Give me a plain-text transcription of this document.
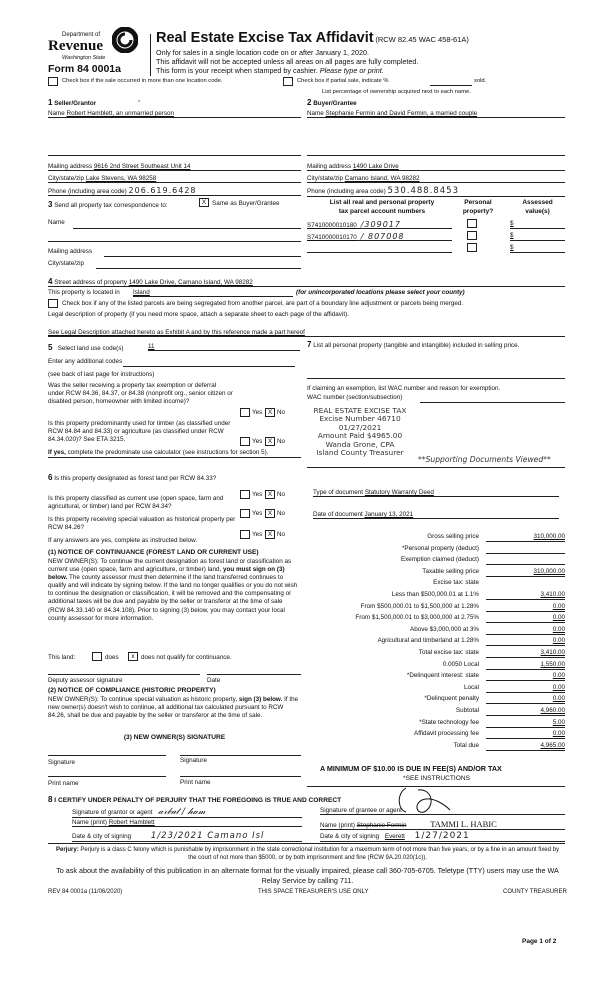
Department of
Revenue
Washington State
Form 84 0001a
Real Estate Excise Tax Affidavit (RCW 82.45 WAC 458-61A)
Only for sales in a single location code on or after January 1, 2020.
This affidavit will not be accepted unless all areas on all pages are fully completed.
This form is your receipt when stamped by cashier. Please type or print.
Check box if the sale occurred in more than one location code.	Check box if partial sale, indicate %	sold.
List percentage of ownership acquired next to each name.
1 Seller/Grantor	”
Name Robert Hamblett, an unmarried person
Mailing address 9616 2nd Street Southeast Unit 14
City/state/zip Lake Stevens, WA 98258
Phone (including area code) 206.619.6428
2 Buyer/Grantee
Name Stephanie Fermin and David Fermin, a married couple
Mailing address 1490 Lake Drive
City/state/zip Camano Island, WA 98282
Phone (including area code) 530.488.8453
3 Send all property tax correspondence to:	X Same as Buyer/Grantee
Name
Mailing address
City/state/zip
List all real and personal property
tax parcel account numbers
Personal
property?
Assessed
value(s)
S7410000010180 /309017	$
S7410000010170 / 807008	$
$
4 Street address of property 1490 Lake Drive, Camano Island, WA 98282
This property is located in Island	(for unincorporated locations please select your county)
Check box if any of the listed parcels are being segregated from another parcel, are part of a boundary line adjustment or parcels being merged.
Legal description of property (if you need more space, attach a separate sheet to each page of the affidavit).
See Legal Description attached hereto as Exhibit A and by this reference made a part hereof
5 Select land use code(s)	11
Enter any additional codes
(see back of last page for instructions)
Was the seller receiving a property tax exemption or deferral under RCW 84.36, 84.37, or 84.38 (nonprofit org., senior citizen or disabled person, homeowner with limited income)?
Yes X No
Is this property predominantly used for timber (as classified under RCW 84.84 and 84.33) or agriculture (as classified under RCW 84.34.020)? See ETA 3215.	Yes X No
If yes, complete the predominate use calculator (see instructions for section 5).
6 Is this property designated as forest land per RCW 84.33?
Yes X No
Yes X No
Yes X No
Is this property classified as current use (open space, farm and agricultural, or timber) land per RCW 84.34?
Is this property receiving special valuation as historical property per RCW 84.26?
If any answers are yes, complete as instructed below.
(1) NOTICE OF CONTINUANCE (FOREST LAND OR CURRENT USE)
NEW OWNER(S): To continue the current designation as forest land or classification as current use (open space, farm and agriculture, or timber) land, you must sign on (3) below. The county assessor must then determine if the land transferred continues to qualify and will indicate by signing below. If the land no longer qualifies or you do not wish to continue the designation or classification, it will be removed and the compensating or additional taxes will be due and payable by the seller or transferor at the time of sale (RCW 84.33.140 or 84.34.108). Prior to signing (3) below, you may contact your local county assessor for more information.
This land:	does	x	does not qualify for continuance.
Deputy assessor signature	Date
(2) NOTICE OF COMPLIANCE (HISTORIC PROPERTY)
NEW OWNER(S): To continue special valuation as historic property, sign (3) below. If the new owner(s) doesn't wish to continue, all additional tax calculated pursuant to RCW 84.26, shall be due and payable by the seller or transferor at the time of sale.
(3) NEW OWNER(S) SIGNATURE
Signature	Signature
Print name	Print name
7 List all personal property (tangible and intangible) included in selling price.
If claiming an exemption, list WAC number and reason for exemption.
WAC number (section/subsection)
REAL ESTATE EXCISE TAX
Excise Number 46710
01/27/2021
Amount Paid $4965.00
Wanda Grone, CPA
Island County Treasurer
**Supporting Documents Viewed**
Type of document Statutory Warranty Deed
Date of document January 13, 2021
Gross selling price	310,000.00
*Personal property (deduct)
Exemption claimed (deduct)
Taxable selling price	310,000.00
Excise tax: state
Less than $500,000.01 at 1.1%	3,410.00
From $500,000.01 to $1,500,000 at 1.28%	0.00
From $1,500,000.01 to $3,000,000 at 2.75%	0.00
Above $3,000,000 at 3%	0.00
Agricultural and timberland at 1.28%	0.00
Total excise tax: state	3,410.00
0.0050 Local	1,550.00
*Delinquent interest: state	0.00
Local	0.00
*Delinquent penalty	0.00
Subtotal	4,960.00
*State technology fee	5.00
Affidavit processing fee	0.00
Total due	4,965.00
A MINIMUM OF $10.00 IS DUE IN FEE(S) AND/OR TAX
*SEE INSTRUCTIONS
8 I CERTIFY UNDER PENALTY OF PERJURY THAT THE FOREGOING IS TRUE AND CORRECT
Signature of grantor or agent 𝒶𝓇𝒷𝓊𝓉 ∕ 𝒽𝒶𝓂
Name (print) Robert Hamblett
Date & city of signing 1/23/2021 Camano Isl
Signature of grantee or agent
Name (print) Stephanie Fermin	TAMMI L. HABIC
Date & city of signing Everett 1/27/2021
Perjury: Perjury is a class C felony which is punishable by imprisonment in the state correctional institution for a maximum term of not more than five years, or by a fine in an amount fixed by the court of not more than $5000, or by both imprisonment and fine (RCW 9A.20.020(1c)).
To ask about the availability of this publication in an alternate format for the visually impaired, please call 360-705-6705. Teletype (TTY) users may use the WA Relay Service by calling 711.
REV 84 0001a (11/06/2020)	THIS SPACE TREASURER'S USE ONLY	COUNTY TREASURER
Page 1 of 2
